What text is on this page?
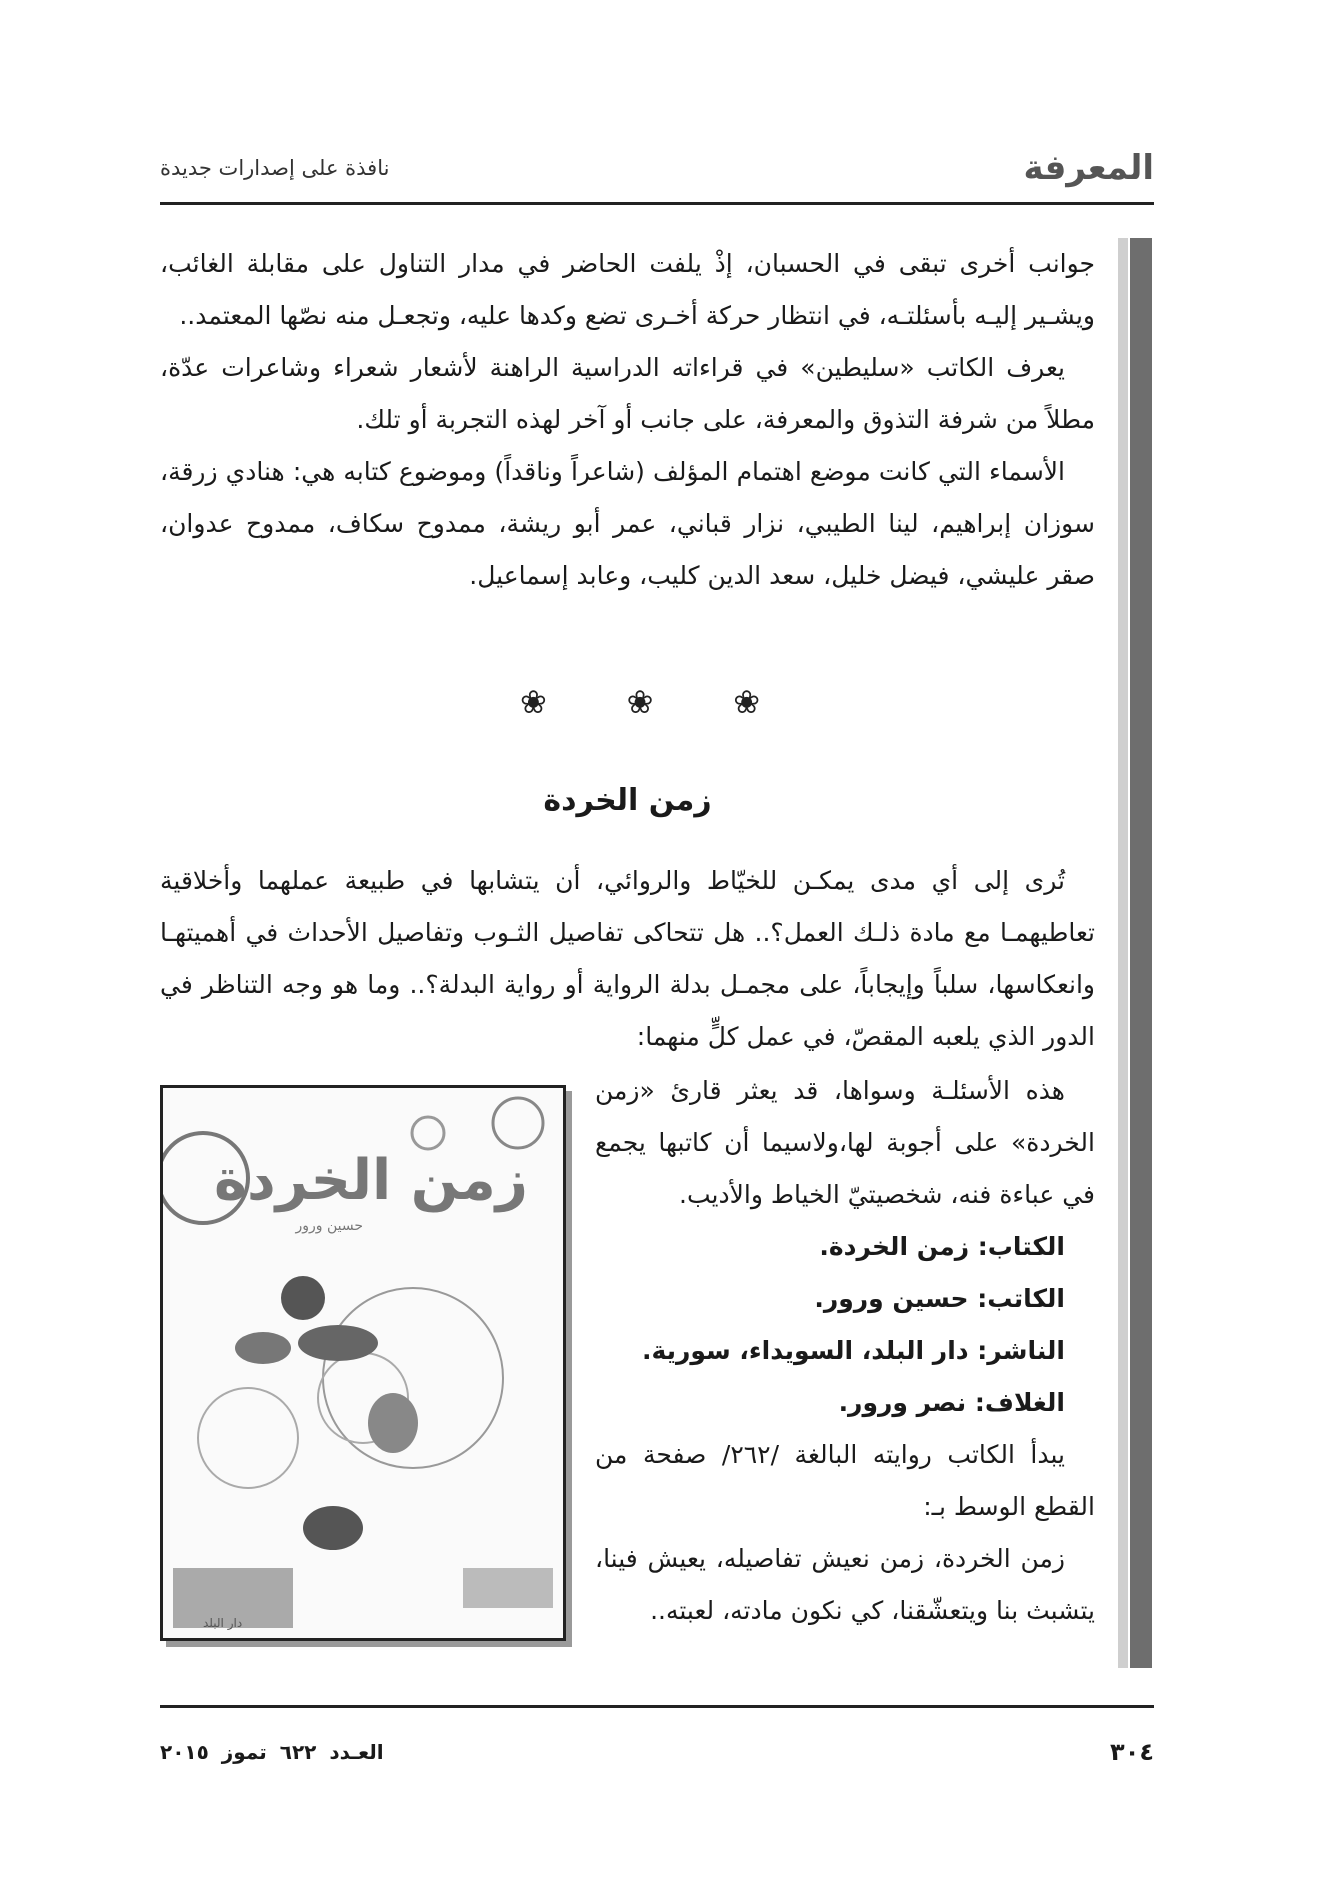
المعرفة
نافذة على إصدارات جديدة

جوانب أخرى تبقى في الحسبان، إذْ يلفت الحاضر في مدار التناول على مقابلة الغائب، ويشـير إليـه بأسئلتـه، في انتظار حركة أخـرى تضع وكدها عليه، وتجعـل منه نصّها المعتمد..

يعرف الكاتب «سليطين» في قراءاته الدراسية الراهنة لأشعار شعراء وشاعرات عدّة، مطلاً من شرفة التذوق والمعرفة، على جانب أو آخر لهذه التجربة أو تلك.

الأسماء التي كانت موضع اهتمام المؤلف (شاعراً وناقداً) وموضوع كتابه هي: هنادي زرقة، سوزان إبراهيم، لينا الطيبي، نزار قباني، عمر أبو ريشة، ممدوح سكاف، ممدوح عدوان، صقر عليشي، فيضل خليل، سعد الدين كليب، وعابد إسماعيل.

❀ ❀ ❀
زمن الخردة

تُرى إلى أي مدى يمكـن للخيّاط والروائي، أن يتشابها في طبيعة عملهما وأخلاقية تعاطيهمـا مع مادة ذلـك العمل؟.. هل تتحاكى تفاصيل الثـوب وتفاصيل الأحداث في أهميتهـا وانعكاسها، سلباً وإيجاباً، على مجمـل بدلة الرواية أو رواية البدلة؟.. وما هو وجه التناظر في الدور الذي يلعبه المقصّ، في عمل كلٍّ منهما:

هذه الأسئلـة وسواها، قد يعثر قارئ «زمن الخردة» على أجوبة لها،ولاسيما أن كاتبها يجمع في عباءة فنه، شخصيتيّ الخياط والأديب.

الكتاب: زمن الخردة.

الكاتب: حسين ورور.

الناشر: دار البلد، السويداء، سورية.

الغلاف: نصر ورور.

يبدأ الكاتب روايته البالغة /٢٦٢/ صفحة من القطع الوسط بـ:

زمن الخردة، زمن نعيش تفاصيله، يعيش فينا، يتشبث بنا ويتعشّقنا، كي نكون مادته، لعبته..

زمن الخردة
حسين ورور
دار البلد
٣٠٤
العـدد ٦٢٢ تموز ٢٠١٥
